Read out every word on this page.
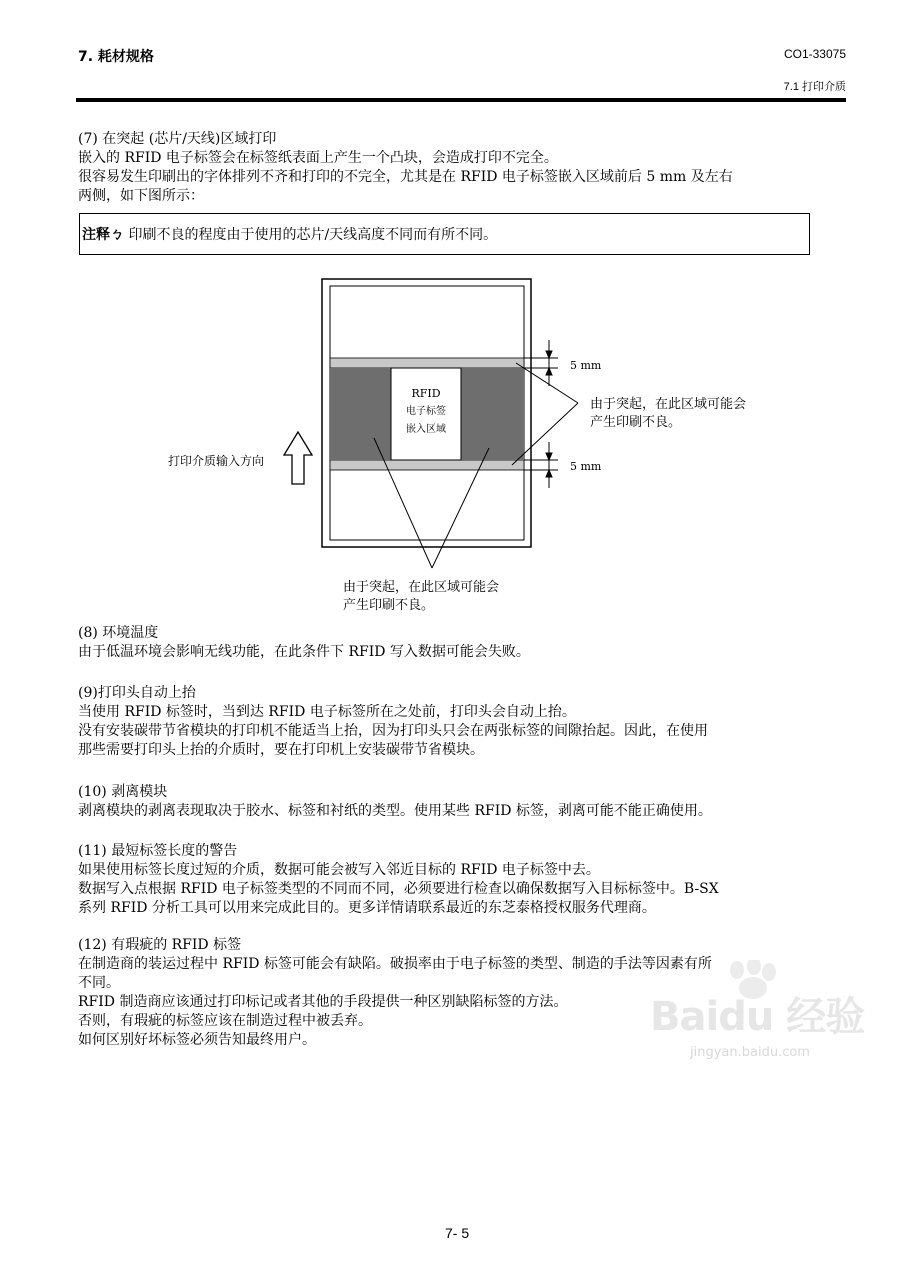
7. 耗材规格	CO1-33075
7.1 打印介质
(7) 在突起 (芯片/天线)区域打印
嵌入的 RFID 电子标签会在标签纸表面上产生一个凸块，会造成打印不完全。
很容易发生印刷出的字体排列不齐和打印的不完全，尤其是在 RFID 电子标签嵌入区域前后 5 mm 及左右
两侧，如下图所示：
注释ㄅ 印刷不良的程度由于使用的芯片/天线高度不同而有所不同。
RFID
电子标签
嵌入区域
5 mm
5 mm
由于突起，在此区域可能会
产生印刷不良。
由于突起，在此区域可能会
产生印刷不良。
打印介质输入方向
(8) 环境温度
由于低温环境会影响无线功能，在此条件下 RFID 写入数据可能会失败。
(9)打印头自动上抬
当使用 RFID 标签时，当到达 RFID 电子标签所在之处前，打印头会自动上抬。
没有安装碳带节省模块的打印机不能适当上抬，因为打印头只会在两张标签的间隙抬起。因此，在使用
那些需要打印头上抬的介质时，要在打印机上安装碳带节省模块。
(10) 剥离模块
剥离模块的剥离表现取决于胶水、标签和衬纸的类型。使用某些 RFID 标签，剥离可能不能正确使用。
(11) 最短标签长度的警告
如果使用标签长度过短的介质，数据可能会被写入邻近目标的 RFID 电子标签中去。
数据写入点根据 RFID 电子标签类型的不同而不同，必须要进行检查以确保数据写入目标标签中。B-SX
系列 RFID 分析工具可以用来完成此目的。更多详情请联系最近的东芝泰格授权服务代理商。
(12) 有瑕疵的 RFID 标签
在制造商的装运过程中 RFID 标签可能会有缺陷。破损率由于电子标签的类型、制造的手法等因素有所
不同。
RFID 制造商应该通过打印标记或者其他的手段提供一种区别缺陷标签的方法。
否则，有瑕疵的标签应该在制造过程中被丢弃。
如何区别好坏标签必须告知最终用户。	Baidu 经验
jingyan.baidu.com
7- 5
